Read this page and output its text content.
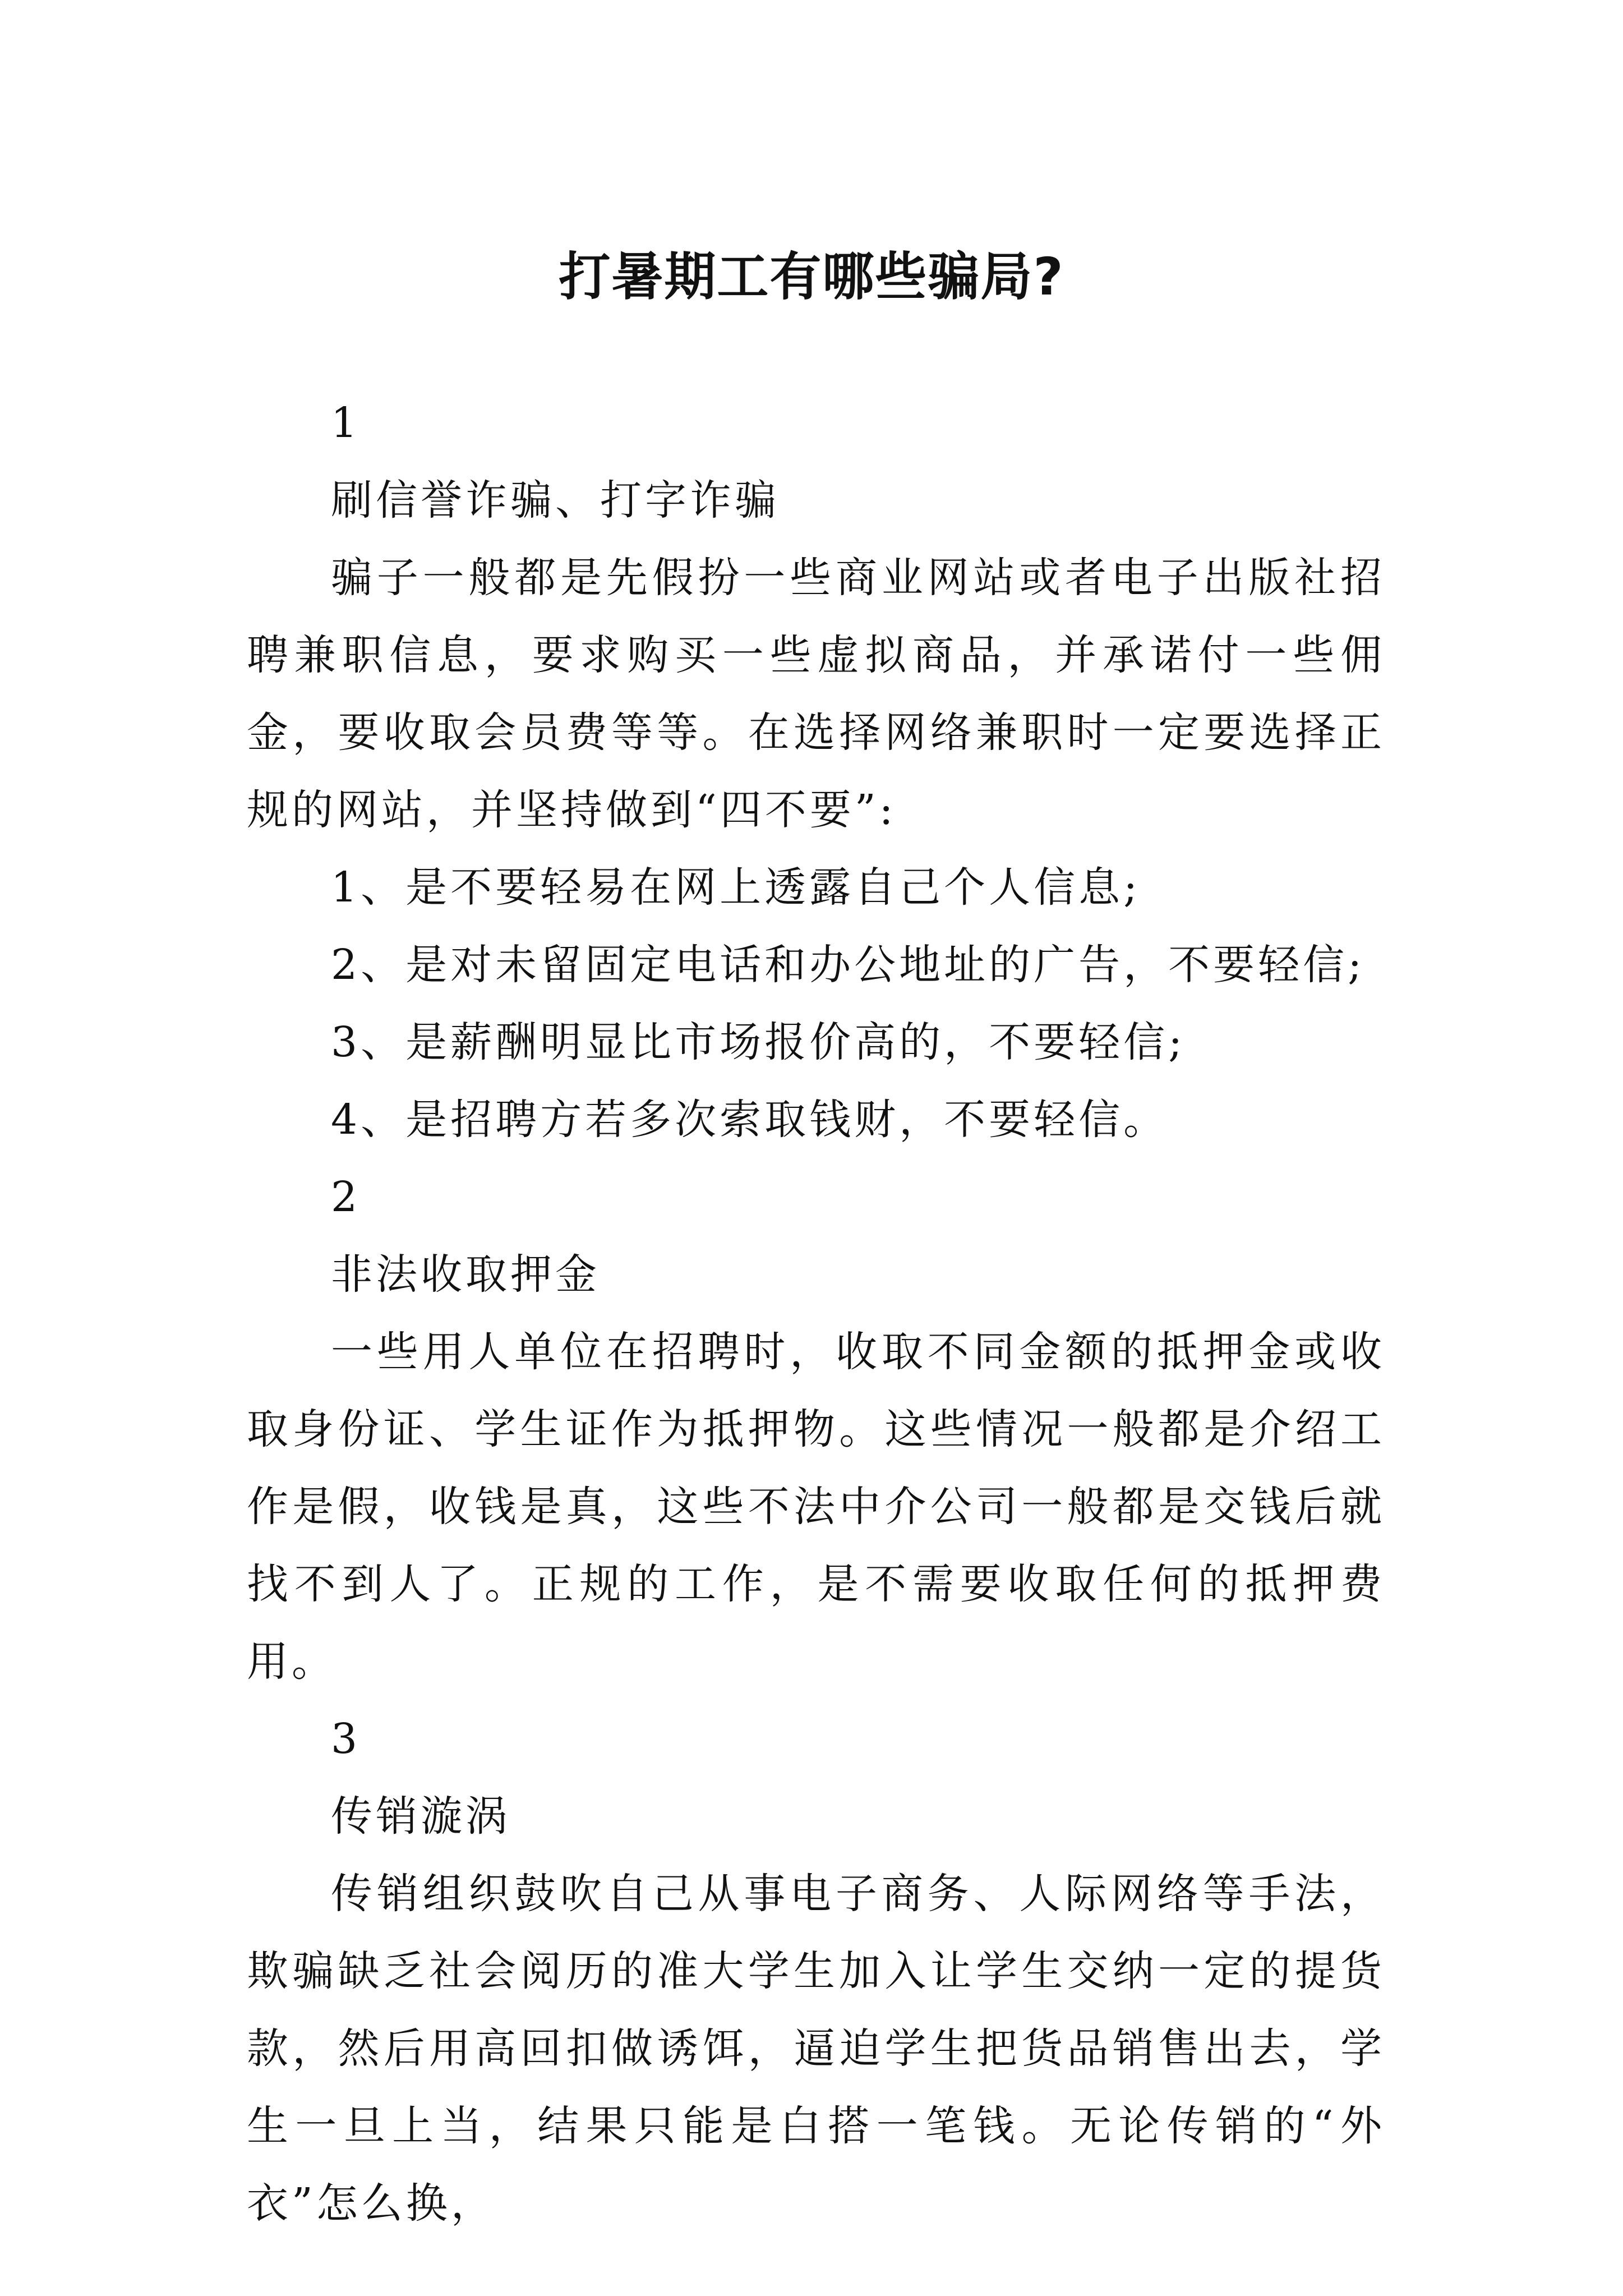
打暑期工有哪些骗局?

1

刷信誉诈骗、打字诈骗

骗子一般都是先假扮一些商业网站或者电子出版社招聘兼职信息，要求购买一些虚拟商品，并承诺付一些佣金，要收取会员费等等。在选择网络兼职时一定要选择正规的网站，并坚持做到“四不要”:

1、是不要轻易在网上透露自己个人信息;

2、是对未留固定电话和办公地址的广告，不要轻信;

3、是薪酬明显比市场报价高的，不要轻信;

4、是招聘方若多次索取钱财，不要轻信。

2

非法收取押金

一些用人单位在招聘时，收取不同金额的抵押金或收取身份证、学生证作为抵押物。这些情况一般都是介绍工作是假，收钱是真，这些不法中介公司一般都是交钱后就找不到人了。正规的工作，是不需要收取任何的抵押费用。

3

传销漩涡

传销组织鼓吹自己从事电子商务、人际网络等手法，欺骗缺乏社会阅历的准大学生加入让学生交纳一定的提货款，然后用高回扣做诱饵，逼迫学生把货品销售出去，学生一旦上当，结果只能是白搭一笔钱。无论传销的“外衣”怎么换，
